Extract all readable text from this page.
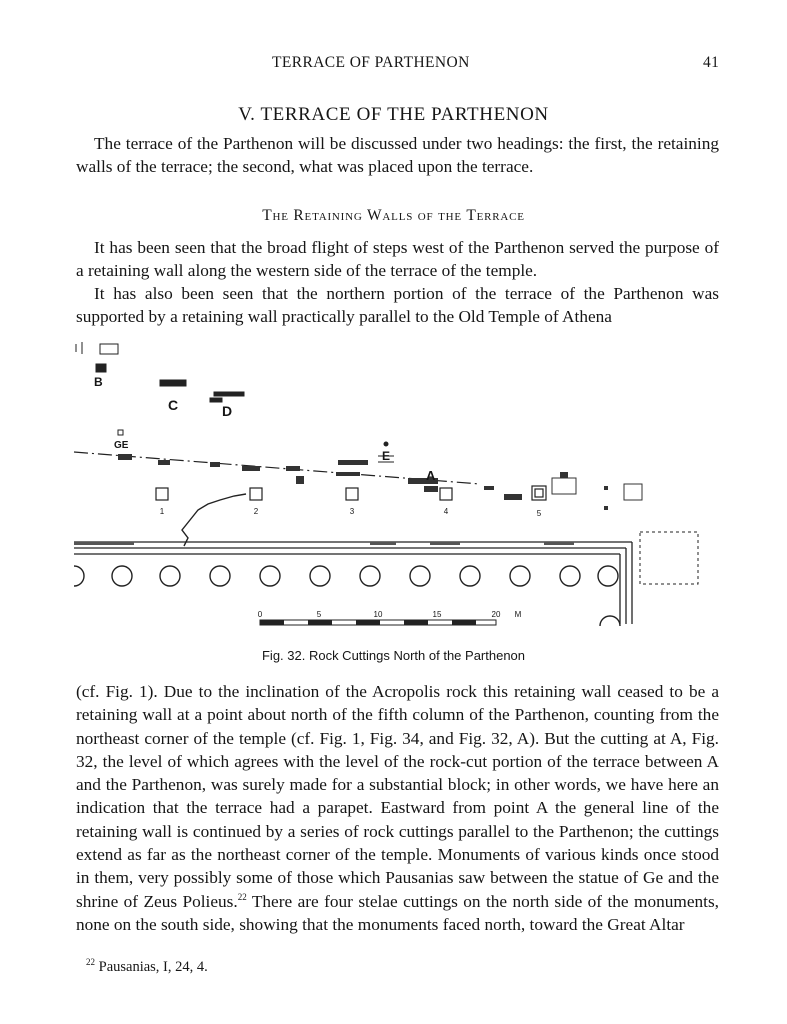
TERRACE OF PARTHENON	41
V. TERRACE OF THE PARTHENON

The terrace of the Parthenon will be discussed under two headings: the first, the retaining walls of the terrace; the second, what was placed upon the terrace.

The Retaining Walls of the Terrace

It has been seen that the broad flight of steps west of the Parthenon served the purpose of a retaining wall along the western side of the terrace of the temple.

It has also been seen that the northern portion of the terrace of the Parthenon was supported by a retaining wall practically parallel to the Old Temple of Athena

B
C	D
GE
E
A
1	2	3	4	5
0	5	10	15	20 M
Fig. 32. Rock Cuttings North of the Parthenon

(cf. Fig. 1). Due to the inclination of the Acropolis rock this retaining wall ceased to be a retaining wall at a point about north of the fifth column of the Parthenon, counting from the northeast corner of the temple (cf. Fig. 1, Fig. 34, and Fig. 32, A). But the cutting at A, Fig. 32, the level of which agrees with the level of the rock-cut portion of the terrace between A and the Parthenon, was surely made for a substantial block; in other words, we have here an indication that the terrace had a parapet. Eastward from point A the general line of the retaining wall is continued by a series of rock cuttings parallel to the Parthenon; the cuttings extend as far as the northeast corner of the temple. Monuments of various kinds once stood in them, very possibly some of those which Pausanias saw between the statue of Ge and the shrine of Zeus Polieus.$^{22}$ There are four stelae cuttings on the north side of the monuments, none on the south side, showing that the monuments faced north, toward the Great Altar

$^{22}$ Pausanias, I, 24, 4.
